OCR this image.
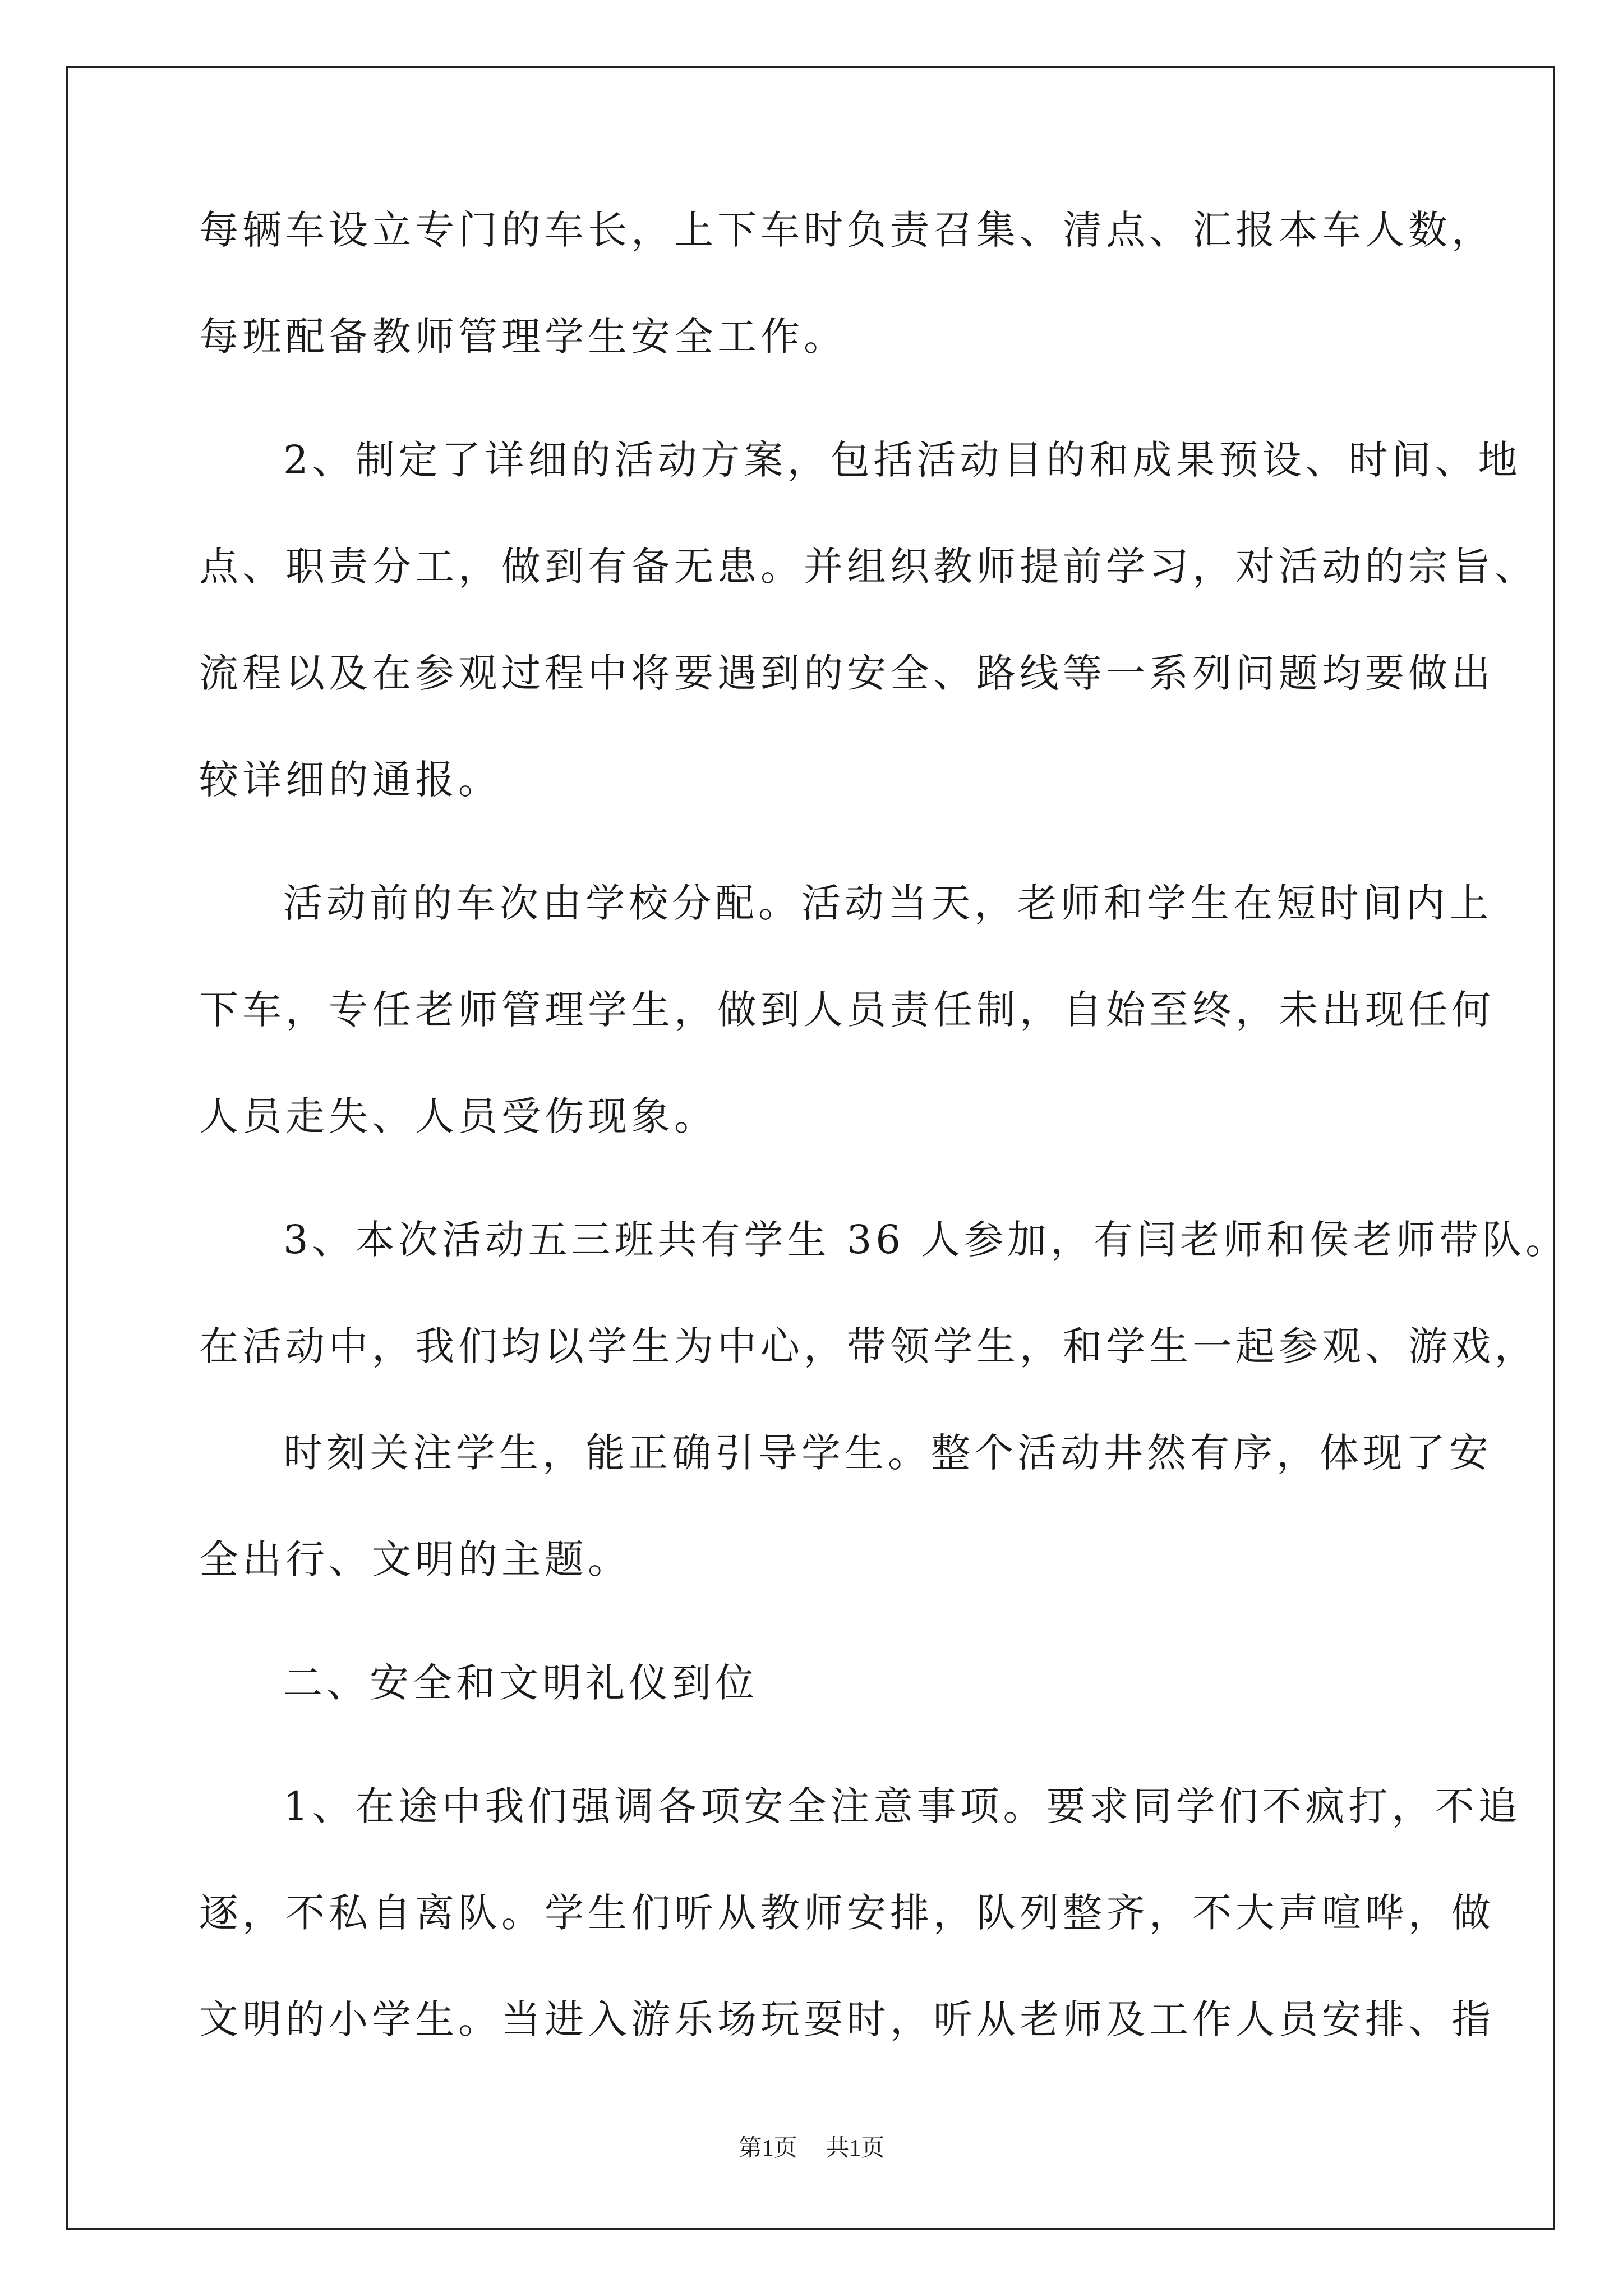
每辆车设立专门的车长，上下车时负责召集、清点、汇报本车人数，
每班配备教师管理学生安全工作。
2、制定了详细的活动方案，包括活动目的和成果预设、时间、地
点、职责分工，做到有备无患。并组织教师提前学习，对活动的宗旨、
流程以及在参观过程中将要遇到的安全、路线等一系列问题均要做出
较详细的通报。
活动前的车次由学校分配。活动当天，老师和学生在短时间内上
下车，专任老师管理学生，做到人员责任制，自始至终，未出现任何
人员走失、人员受伤现象。
3、本次活动五三班共有学生 36 人参加，有闫老师和侯老师带队。
在活动中，我们均以学生为中心，带领学生，和学生一起参观、游戏，
时刻关注学生，能正确引导学生。整个活动井然有序，体现了安
全出行、文明的主题。
二、安全和文明礼仪到位
1、在途中我们强调各项安全注意事项。要求同学们不疯打，不追
逐，不私自离队。学生们听从教师安排，队列整齐，不大声喧哗，做
文明的小学生。当进入游乐场玩耍时，听从老师及工作人员安排、指
第1页 共1页
